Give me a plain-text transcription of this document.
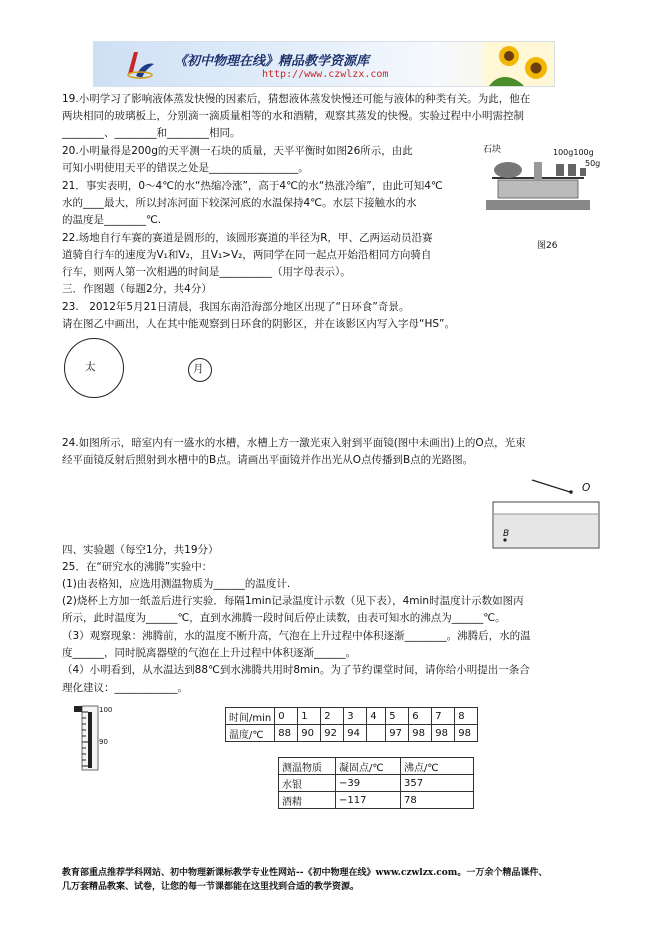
《初中物理在线》精品教学资源库
http://www.czwlzx.com
19.小明学习了影响液体蒸发快慢的因素后，猜想液体蒸发快慢还可能与液体的种类有关。为此，他在
两块相同的玻璃板上，分别滴一滴质量相等的水和酒精，观察其蒸发的快慢。实验过程中小明需控制
________、________和________相同。
20.小明量得是200g的天平测一石块的质量，天平平衡时如图26所示，由此
可知小明使用天平的错误之处是_________________。
石块	100g100g
50g
图26
21．事实表明，0～4℃的水“热缩冷涨”，高于4℃的水“热涨冷缩”，由此可知4℃
水的____最大，所以封冻河面下较深河底的水温保持4℃。水层下接触水的水
的温度是________℃.
22.场地自行车赛的赛道是圆形的，该圆形赛道的半径为R，甲、乙两运动员沿赛
道骑自行车的速度为V₁和V₂，且V₁>V₂，两同学在同一起点开始沿相同方向骑自
行车，则两人第一次相遇的时间是__________（用字母表示）。
三．作图题（每题2分，共4分）
23.　2012年5月21日清晨，我国东南沿海部分地区出现了“日环食”奇景。
请在图乙中画出，人在其中能观察到日环食的阴影区，并在该影区内写入字母“HS”。
太	月
24.如图所示，暗室内有一盛水的水槽，水槽上方一激光束入射到平面镜(图中未画出)上的O点，光束
经平面镜反射后照射到水槽中的B点。请画出平面镜并作出光从O点传播到B点的光路图。
O
B
四、实验题（每空1分，共19分）
25．在“研究水的沸腾”实验中：
(1)由表格知，应选用测温物质为______的温度计.
(2)烧杯上方加一纸盖后进行实验．每隔1min记录温度计示数（见下表），4min时温度计示数如图丙
所示，此时温度为______℃，直到水沸腾一段时间后停止读数，由表可知水的沸点为______℃。
（3）观察现象：沸腾前，水的温度不断升高，气泡在上升过程中体积逐渐________。沸腾后，水的温
度______，同时脱离器壁的气泡在上升过程中体积逐渐______。
（4）小明看到，从水温达到88℃到水沸腾共用时8min。为了节约课堂时间，请你给小明提出一条合
理化建议：____________。
100
90
时间/min	0	1	2	3	4	5	6	7	8
温度/℃	88	90	92	94		97	98	98	98
测温物质	凝固点/℃	沸点/℃
水银	−39	357
酒精	−117	78
教育部重点推荐学科网站、初中物理新课标教学专业性网站--《初中物理在线》www.czwlzx.com。一万余个精品课件、
几万套精品教案、试卷，让您的每一节课都能在这里找到合适的教学资源。
